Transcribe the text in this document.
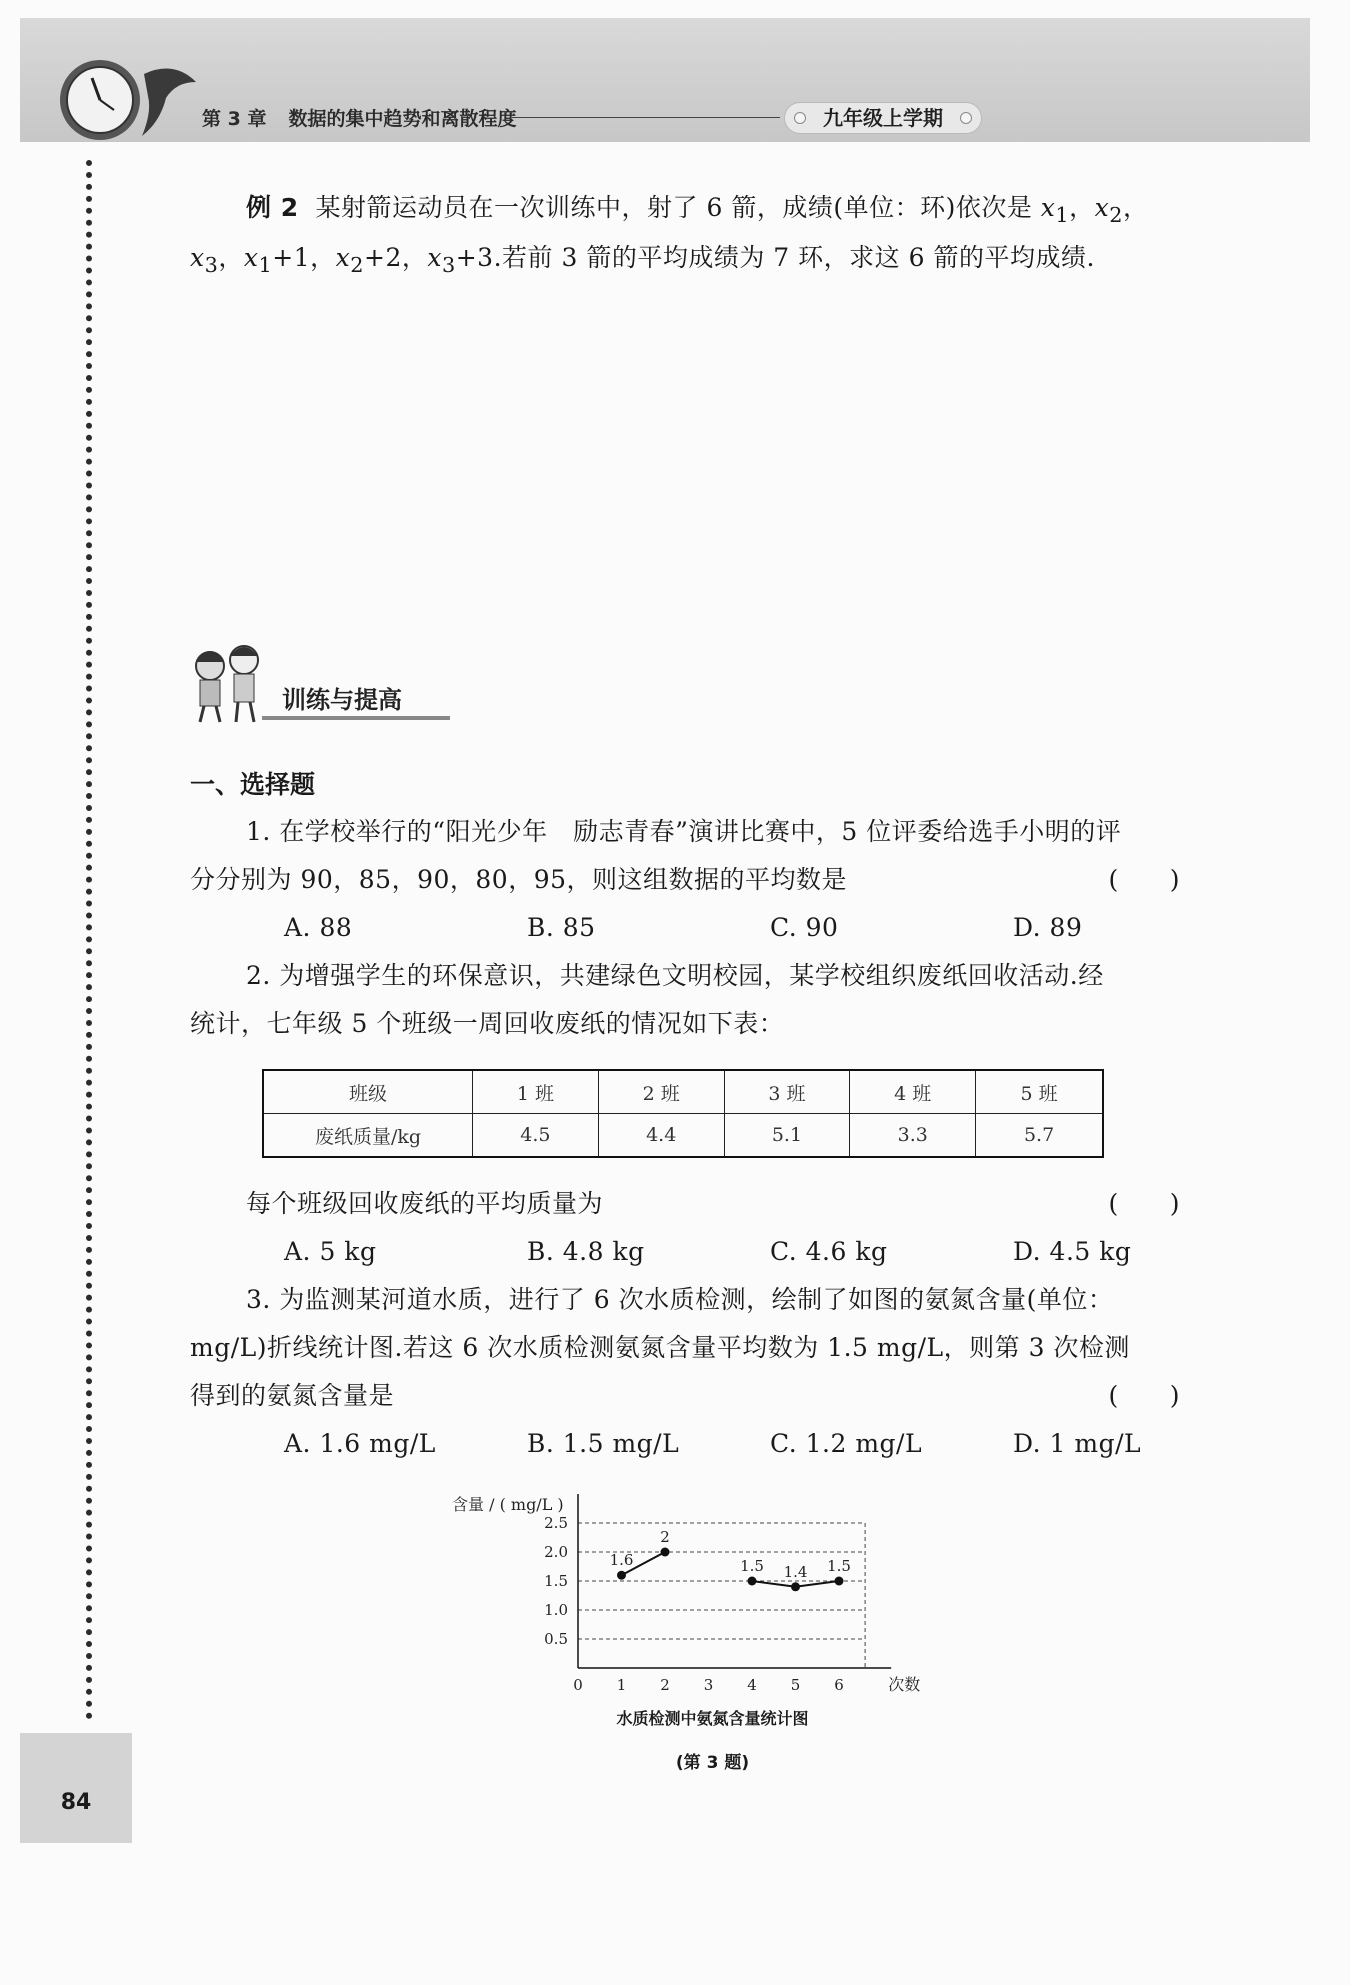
第 3 章 数据的集中趋势和离散程度	九年级上学期
84
例 2 某射箭运动员在一次训练中，射了 6 箭，成绩(单位：环)依次是 $x_1$，$x_2$，
$x_3$，$x_1+1$，$x_2+2$，$x_3+3$.若前 3 箭的平均成绩为 7 环，求这 6 箭的平均成绩.
训练与提高
一、选择题
1. 在学校举行的“阳光少年　励志青春”演讲比赛中，5 位评委给选手小明的评
分分别为 90，85，90，80，95，则这组数据的平均数是	(　　)
A. 88	B. 85	C. 90	D. 89
2. 为增强学生的环保意识，共建绿色文明校园，某学校组织废纸回收活动.经
统计，七年级 5 个班级一周回收废纸的情况如下表：
班级	1 班	2 班	3 班	4 班	5 班
废纸质量/kg	4.5	4.4	5.1	3.3	5.7
每个班级回收废纸的平均质量为	(　　)
A. 5 kg	B. 4.8 kg	C. 4.6 kg	D. 4.5 kg
3. 为监测某河道水质，进行了 6 次水质检测，绘制了如图的氨氮含量(单位：
mg/L)折线统计图.若这 6 次水质检测氨氮含量平均数为 1.5 mg/L，则第 3 次检测
得到的氨氮含量是	(　　)
A. 1.6 mg/L	B. 1.5 mg/L	C. 1.2 mg/L	D. 1 mg/L
0.5
1.0
1.5
2.0
2.5
0 1 2 3 4 5 6	次数
含量 / ( mg/L )
1.6
2
1.5 1.4 1.5
水质检测中氨氮含量统计图
(第 3 题)
